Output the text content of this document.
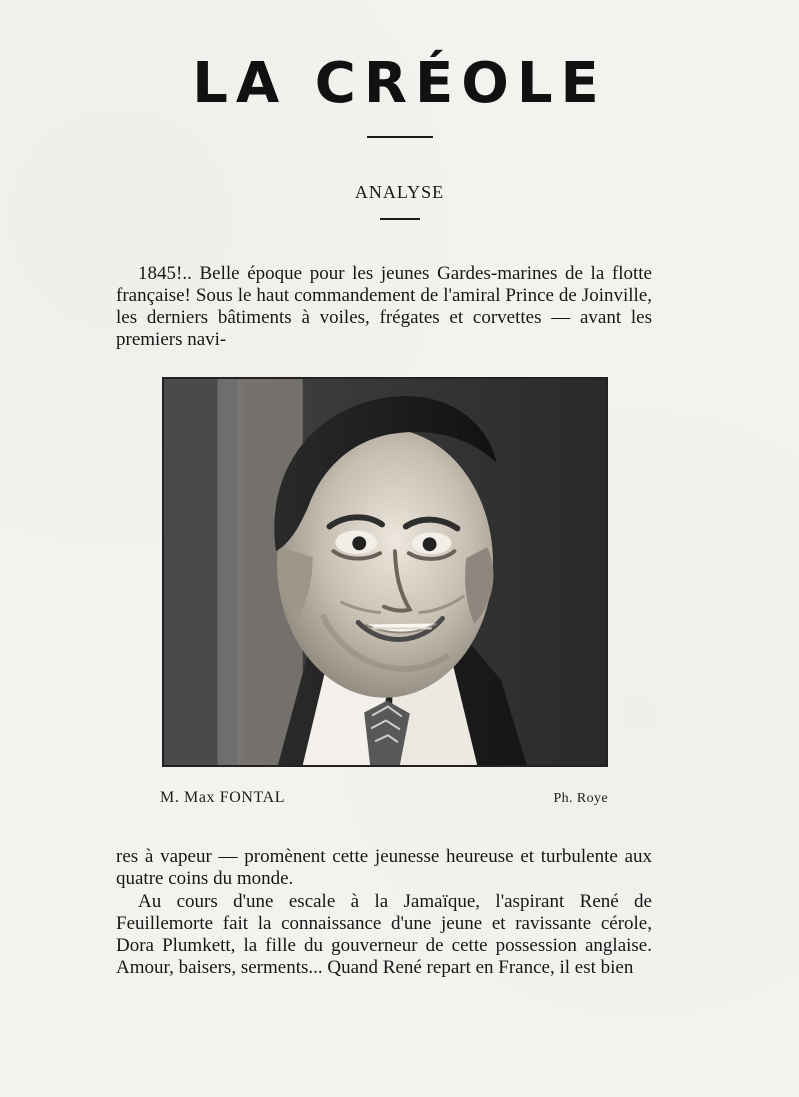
LA CRÉOLE
ANALYSE

1845!.. Belle époque pour les jeunes Gardes-marines de la flotte française! Sous le haut commandement de l'amiral Prince de Joinville, les derniers bâtiments à voiles, frégates et corvettes — avant les premiers navi-

M. Max FONTAL	Ph. Roye

res à vapeur — promènent cette jeunesse heureuse et turbulente aux quatre coins du monde.

Au cours d'une escale à la Jamaïque, l'aspirant René de Feuillemorte fait la connaissance d'une jeune et ravissante cérole, Dora Plumkett, la fille du gouverneur de cette possession anglaise. Amour, baisers, serments... Quand René repart en France, il est bien
